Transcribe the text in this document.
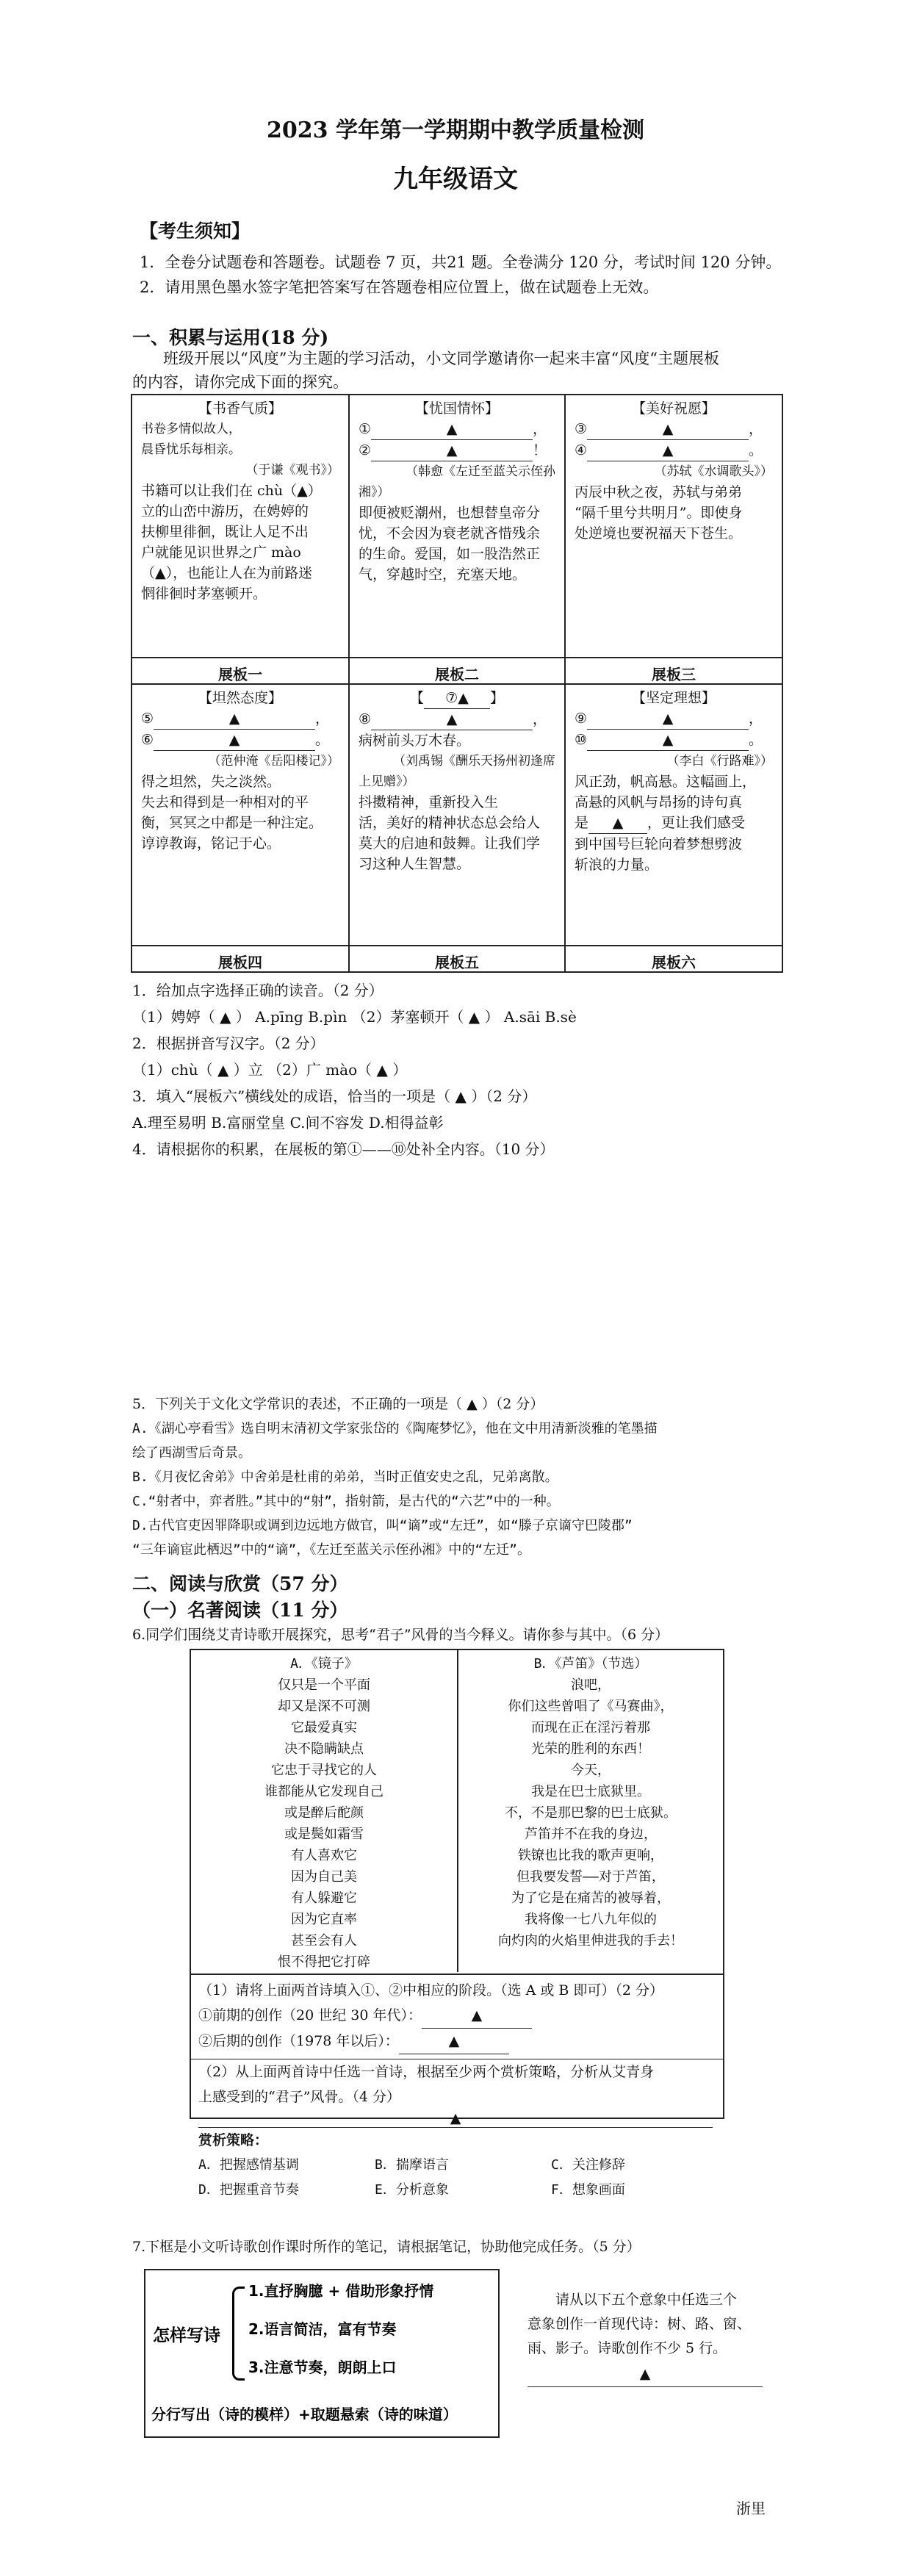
2023 学年第一学期期中教学质量检测
九年级语文
【考生须知】
1．全卷分试题卷和答题卷。试题卷 7 页，共21 题。全卷满分 120 分，考试时间 120 分钟。
2．请用黑色墨水签字笔把答案写在答题卷相应位置上，做在试题卷上无效。
一、积累与运用(18 分)
班级开展以“风度”为主题的学习活动，小文同学邀请你一起来丰富“风度“主题展板
的内容，请你完成下面的探究。
【书香气质】
书卷多情似故人，
晨昏忧乐每相亲。
（于谦《观书》）
书籍可以让我们在 chù（▲）
立的山峦中游历，在娉婷的
扶柳里徘徊，既让人足不出
户就能见识世界之广 mào
（▲），也能让人在为前路迷
惘徘徊时茅塞顿开。
【忧国情怀】
①	▲	，
②	▲	！
（韩愈《左迁至蓝关示侄孙
湘》）
即便被贬潮州，也想替皇帝分
忧，不会因为衰老就吝惜残余
的生命。爱国，如一股浩然正
气，穿越时空，充塞天地。
【美好祝愿】
③	▲	，
④	▲	。
（苏轼《水调歌头》）
丙辰中秋之夜，苏轼与弟弟
“隔千里兮共明月”。即使身
处逆境也要祝福天下苍生。
展板一	展板二	展板三
【坦然态度】
⑤	▲	，
⑥	▲	。
（范仲淹《岳阳楼记》）
得之坦然，失之淡然。
失去和得到是一种相对的平
衡，冥冥之中都是一种注定。
谆谆教诲，铭记于心。
【 ⑦▲ 】
⑧	▲	，
病树前头万木春。
（刘禹锡《酬乐天扬州初逢席
上见赠》）
抖擞精神，重新投入生
活，美好的精神状态总会给人
莫大的启迪和鼓舞。让我们学
习这种人生智慧。
【坚定理想】
⑨	▲	，
⑩	▲	。
（李白《行路难》）
风正劲，帆高悬。这幅画上，
高悬的风帆与昂扬的诗句真
是 ▲ ，更让我们感受
到中国号巨轮向着梦想劈波
斩浪的力量。
展板四	展板五	展板六
1．给加点字选择正确的读音。（2 分）
（1）娉婷（ ▲ ） A.pīng B.pìn （2）茅塞顿开（ ▲ ） A.sāi B.sè
2．根据拼音写汉字。（2 分）
（1）chù（ ▲ ）立 （2）广 mào（ ▲ ）
3．填入“展板六”横线处的成语，恰当的一项是（ ▲ ）（2 分）
A.理至易明 B.富丽堂皇 C.间不容发 D.相得益彰
4．请根据你的积累，在展板的第①——⑩处补全内容。（10 分）
5．下列关于文化文学常识的表述，不正确的一项是（ ▲ ）（2 分）
A.《湖心亭看雪》选自明末清初文学家张岱的《陶庵梦忆》，他在文中用清新淡雅的笔墨描
绘了西湖雪后奇景。
B.《月夜忆舍弟》中舍弟是杜甫的弟弟，当时正值安史之乱，兄弟离散。
C.“射者中，弈者胜。”其中的“射”，指射箭，是古代的“六艺”中的一种。
D.古代官吏因罪降职或调到边远地方做官，叫“谪”或“左迁”，如“滕子京谪守巴陵郡”
“三年谪宦此栖迟”中的“谪”，《左迁至蓝关示侄孙湘》中的“左迁”。
二、阅读与欣赏（57 分）
（一）名著阅读（11 分）
6.同学们围绕艾青诗歌开展探究，思考“君子”风骨的当今释义。请你参与其中。（6 分）
A．《镜子》
仅只是一个平面
却又是深不可测
它最爱真实
决不隐瞒缺点
它忠于寻找它的人
谁都能从它发现自己
或是醉后酡颜
或是鬓如霜雪
有人喜欢它
因为自己美
有人躲避它
因为它直率
甚至会有人
恨不得把它打碎
B．《芦笛》（节选）
浪吧，
你们这些曾唱了《马赛曲》，
而现在正在淫污着那
光荣的胜利的东西！
今天，
我是在巴士底狱里。
不，不是那巴黎的巴士底狱。
芦笛并不在我的身边，
铁镣也比我的歌声更响，
但我要发誓——对于芦笛，
为了它是在痛苦的被辱着，
我将像一七八九年似的
向灼肉的火焰里伸进我的手去！
（1）请将上面两首诗填入①、②中相应的阶段。（选 A 或 B 即可）（2 分）
①前期的创作（20 世纪 30 年代）：	▲
②后期的创作（1978 年以后）：	▲
（2）从上面两首诗中任选一首诗，根据至少两个赏析策略，分析从艾青身
上感受到的“君子”风骨。（4 分）
▲
赏析策略：
A．把握感情基调	B．揣摩语言	C．关注修辞
D．把握重音节奏	E．分析意象	F．想象画面
7.下框是小文听诗歌创作课时所作的笔记，请根据笔记，协助他完成任务。（5 分）
怎样写诗
1.直抒胸臆 + 借助形象抒情
2.语言简洁，富有节奏
3.注意节奏，朗朗上口
分行写出（诗的模样）+取题悬索（诗的味道）
请从以下五个意象中任选三个
意象创作一首现代诗：树、路、窗、
雨、影子。诗歌创作不少 5 行。
▲
浙里
